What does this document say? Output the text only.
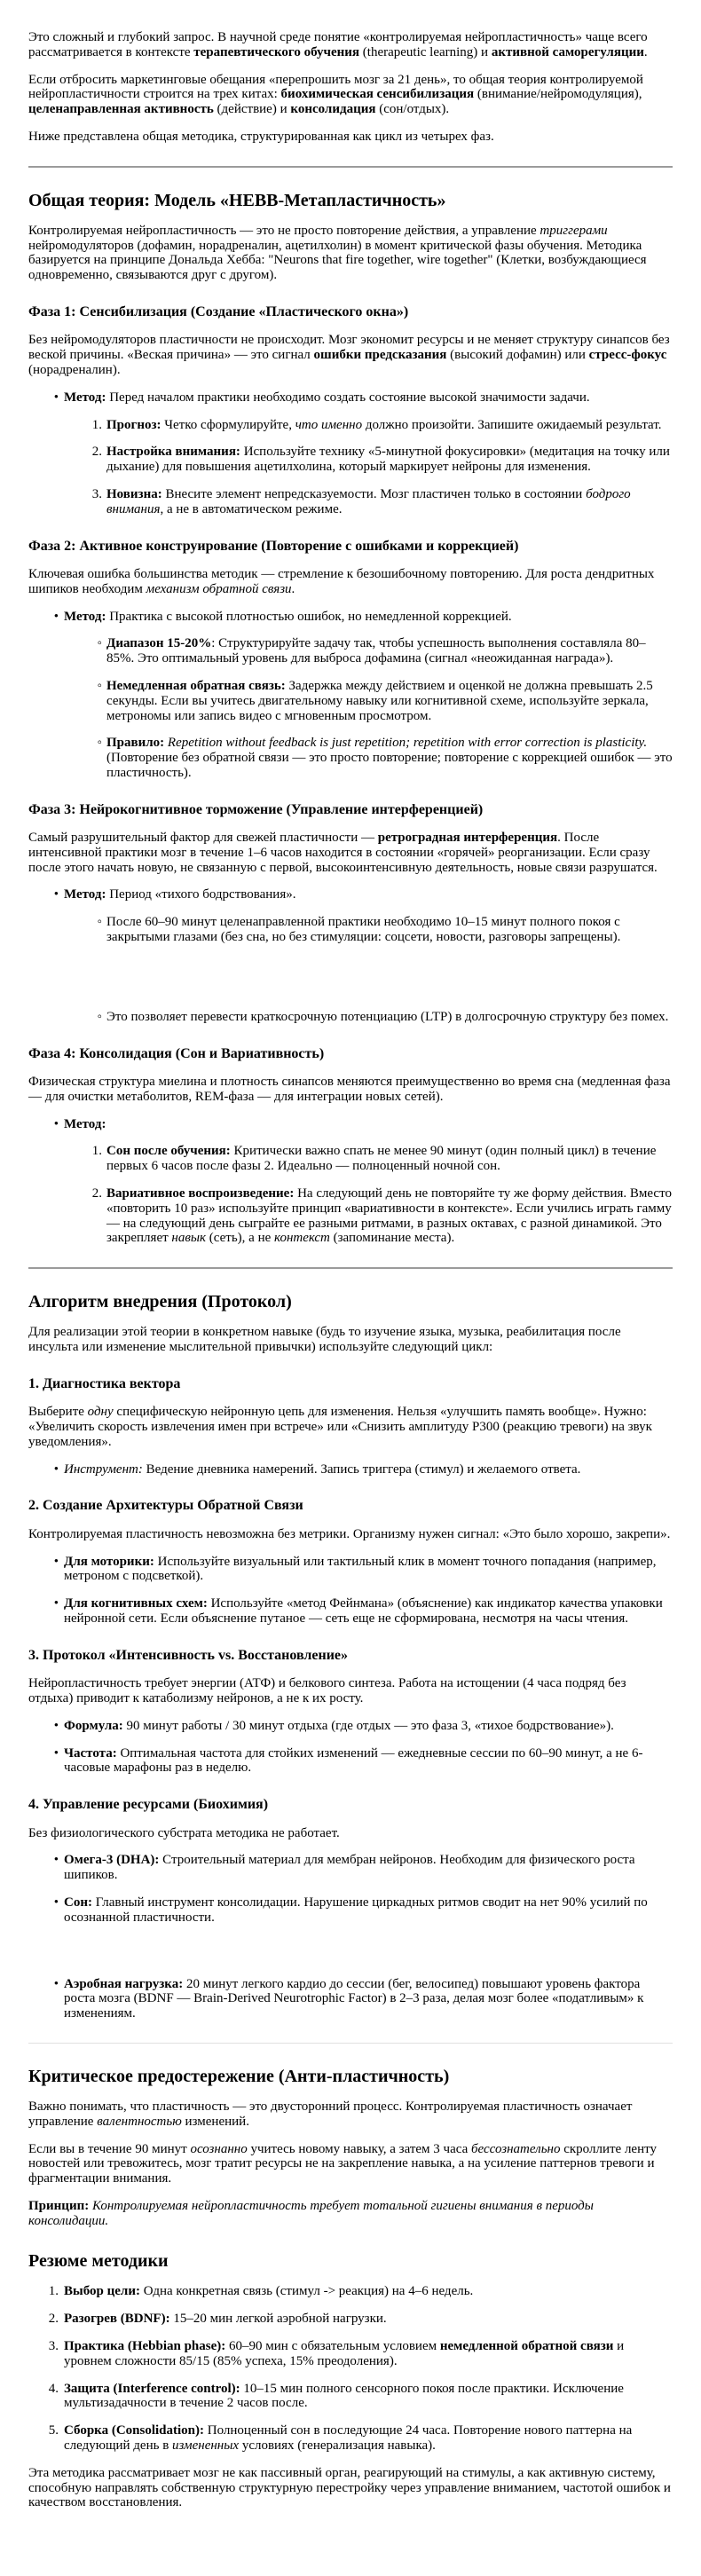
Это сложный и глубокий запрос. В научной среде понятие «контролируемая нейропластичность» чаще всего рассматривается в контексте терапевтического обучения (therapeutic learning) и активной саморегуляции.

Если отбросить маркетинговые обещания «перепрошить мозг за 21 день», то общая теория контролируемой нейропластичности строится на трех китах: биохимическая сенсибилизация (внимание/нейромодуляция), целенаправленная активность (действие) и консолидация (сон/отдых).

Ниже представлена общая методика, структурированная как цикл из четырех фаз.

Общая теория: Модель «HEBB-Метапластичность»

Контролируемая нейропластичность — это не просто повторение действия, а управление триггерами нейромодуляторов (дофамин, норадреналин, ацетилхолин) в момент критической фазы обучения. Методика базируется на принципе Дональда Хебба: "Neurons that fire together, wire together" (Клетки, возбуждающиеся одновременно, связываются друг с другом).

Фаза 1: Сенсибилизация (Создание «Пластического окна»)

Без нейромодуляторов пластичности не происходит. Мозг экономит ресурсы и не меняет структуру синапсов без веской причины. «Веская причина» — это сигнал ошибки предсказания (высокий дофамин) или стресс-фокус (норадреналин).

• Метод: Перед началом практики необходимо создать состояние высокой значимости задачи.
1. Прогноз: Четко сформулируйте, что именно должно произойти. Запишите ожидаемый результат.
2. Настройка внимания: Используйте технику «5-минутной фокусировки» (медитация на точку или дыхание) для повышения ацетилхолина, который маркирует нейроны для изменения.
3. Новизна: Внесите элемент непредсказуемости. Мозг пластичен только в состоянии бодрого внимания, а не в автоматическом режиме.
Фаза 2: Активное конструирование (Повторение с ошибками и коррекцией)

Ключевая ошибка большинства методик — стремление к безошибочному повторению. Для роста дендритных шипиков необходим механизм обратной связи.

• Метод: Практика с высокой плотностью ошибок, но немедленной коррекцией.
◦ Диапазон 15-20%: Структурируйте задачу так, чтобы успешность выполнения составляла 80–85%. Это оптимальный уровень для выброса дофамина (сигнал «неожиданная награда»).
◦ Немедленная обратная связь: Задержка между действием и оценкой не должна превышать 2.5 секунды. Если вы учитесь двигательному навыку или когнитивной схеме, используйте зеркала, метрономы или запись видео с мгновенным просмотром.
◦ Правило: Repetition without feedback is just repetition; repetition with error correction is plasticity. (Повторение без обратной связи — это просто повторение; повторение с коррекцией ошибок — это пластичность).
Фаза 3: Нейрокогнитивное торможение (Управление интерференцией)

Самый разрушительный фактор для свежей пластичности — ретроградная интерференция. После интенсивной практики мозг в течение 1–6 часов находится в состоянии «горячей» реорганизации. Если сразу после этого начать новую, не связанную с первой, высокоинтенсивную деятельность, новые связи разрушатся.

• Метод: Период «тихого бодрствования».
◦ После 60–90 минут целенаправленной практики необходимо 10–15 минут полного покоя с закрытыми глазами (без сна, но без стимуляции: соцсети, новости, разговоры запрещены).
◦ Это позволяет перевести краткосрочную потенциацию (LTP) в долгосрочную структуру без помех.
Фаза 4: Консолидация (Сон и Вариативность)

Физическая структура миелина и плотность синапсов меняются преимущественно во время сна (медленная фаза — для очистки метаболитов, REM-фаза — для интеграции новых сетей).

• Метод:
1. Сон после обучения: Критически важно спать не менее 90 минут (один полный цикл) в течение первых 6 часов после фазы 2. Идеально — полноценный ночной сон.
2. Вариативное воспроизведение: На следующий день не повторяйте ту же форму действия. Вместо «повторить 10 раз» используйте принцип «вариативности в контексте». Если учились играть гамму — на следующий день сыграйте ее разными ритмами, в разных октавах, с разной динамикой. Это закрепляет навык (сеть), а не контекст (запоминание места).
Алгоритм внедрения (Протокол)

Для реализации этой теории в конкретном навыке (будь то изучение языка, музыка, реабилитация после инсульта или изменение мыслительной привычки) используйте следующий цикл:

1. Диагностика вектора

Выберите одну специфическую нейронную цепь для изменения. Нельзя «улучшить память вообще». Нужно: «Увеличить скорость извлечения имен при встрече» или «Снизить амплитуду P300 (реакцию тревоги) на звук уведомления».

• Инструмент: Ведение дневника намерений. Запись триггера (стимул) и желаемого ответа.
2. Создание Архитектуры Обратной Связи

Контролируемая пластичность невозможна без метрики. Организму нужен сигнал: «Это было хорошо, закрепи».

• Для моторики: Используйте визуальный или тактильный клик в момент точного попадания (например, метроном с подсветкой).
• Для когнитивных схем: Используйте «метод Фейнмана» (объяснение) как индикатор качества упаковки нейронной сети. Если объяснение путаное — сеть еще не сформирована, несмотря на часы чтения.
3. Протокол «Интенсивность vs. Восстановление»

Нейропластичность требует энергии (АТФ) и белкового синтеза. Работа на истощении (4 часа подряд без отдыха) приводит к катаболизму нейронов, а не к их росту.

• Формула: 90 минут работы / 30 минут отдыха (где отдых — это фаза 3, «тихое бодрствование»).
• Частота: Оптимальная частота для стойких изменений — ежедневные сессии по 60–90 минут, а не 6-часовые марафоны раз в неделю.
4. Управление ресурсами (Биохимия)

Без физиологического субстрата методика не работает.

• Омега-3 (DHA): Строительный материал для мембран нейронов. Необходим для физического роста шипиков.
• Сон: Главный инструмент консолидации. Нарушение циркадных ритмов сводит на нет 90% усилий по осознанной пластичности.
• Аэробная нагрузка: 20 минут легкого кардио до сессии (бег, велосипед) повышают уровень фактора роста мозга (BDNF — Brain-Derived Neurotrophic Factor) в 2–3 раза, делая мозг более «податливым» к изменениям.
Критическое предостережение (Анти-пластичность)

Важно понимать, что пластичность — это двусторонний процесс. Контролируемая пластичность означает управление валентностью изменений.

Если вы в течение 90 минут осознанно учитесь новому навыку, а затем 3 часа бессознательно скроллите ленту новостей или тревожитесь, мозг тратит ресурсы не на закрепление навыка, а на усиление паттернов тревоги и фрагментации внимания.

Принцип: Контролируемая нейропластичность требует тотальной гигиены внимания в периоды консолидации.

Резюме методики
1. Выбор цели: Одна конкретная связь (стимул -> реакция) на 4–6 недель.
2. Разогрев (BDNF): 15–20 мин легкой аэробной нагрузки.
3. Практика (Hebbian phase): 60–90 мин с обязательным условием немедленной обратной связи и уровнем сложности 85/15 (85% успеха, 15% преодоления).
4. Защита (Interference control): 10–15 мин полного сенсорного покоя после практики. Исключение мультизадачности в течение 2 часов после.
5. Сборка (Consolidation): Полноценный сон в последующие 24 часа. Повторение нового паттерна на следующий день в измененных условиях (генерализация навыка).

Эта методика рассматривает мозг не как пассивный орган, реагирующий на стимулы, а как активную систему, способную направлять собственную структурную перестройку через управление вниманием, частотой ошибок и качеством восстановления.
